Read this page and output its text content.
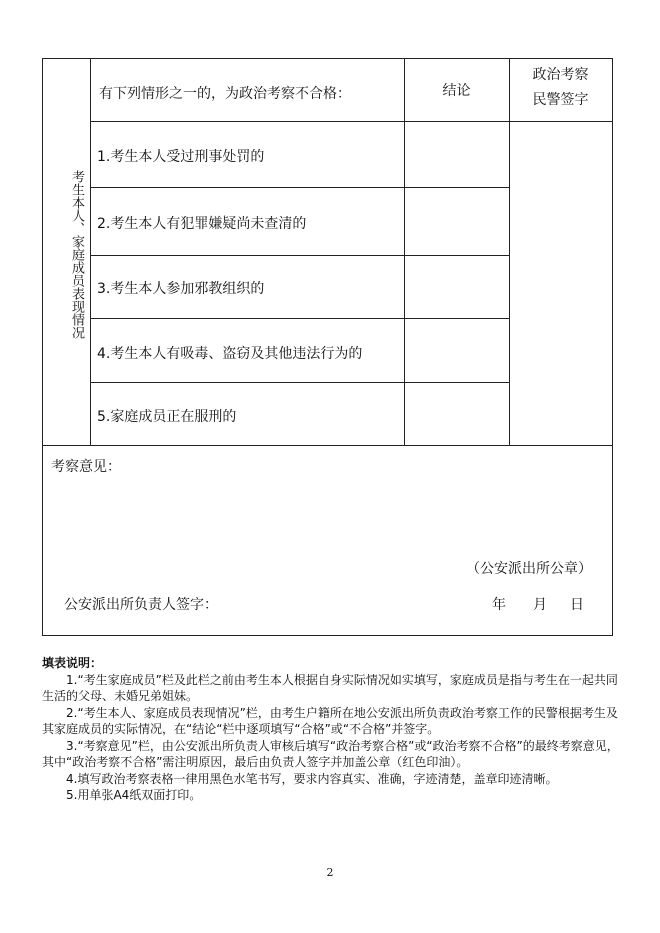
考生本人、家庭成员表现情况
有下列情形之一的，为政治考察不合格：	结论
政治考察
民警签字
1.考生本人受过刑事处罚的
2.考生本人有犯罪嫌疑尚未查清的
3.考生本人参加邪教组织的
4.考生本人有吸毒、盗窃及其他违法行为的
5.家庭成员正在服刑的
考察意见：
（公安派出所公章）
公安派出所负责人签字：	年 月 日

填表说明：

1.“考生家庭成员”栏及此栏之前由考生本人根据自身实际情况如实填写，家庭成员是指与考生在一起共同生活的父母、未婚兄弟姐妹。

2.“考生本人、家庭成员表现情况”栏，由考生户籍所在地公安派出所负责政治考察工作的民警根据考生及其家庭成员的实际情况，在“结论“栏中逐项填写“合格”或“不合格”并签字。

3.“考察意见”栏，由公安派出所负责人审核后填写“政治考察合格”或“政治考察不合格”的最终考察意见，其中“政治考察不合格”需注明原因，最后由负责人签字并加盖公章（红色印油）。

4.填写政治考察表格一律用黑色水笔书写，要求内容真实、准确，字迹清楚，盖章印迹清晰。

5.用单张A4纸双面打印。

2
